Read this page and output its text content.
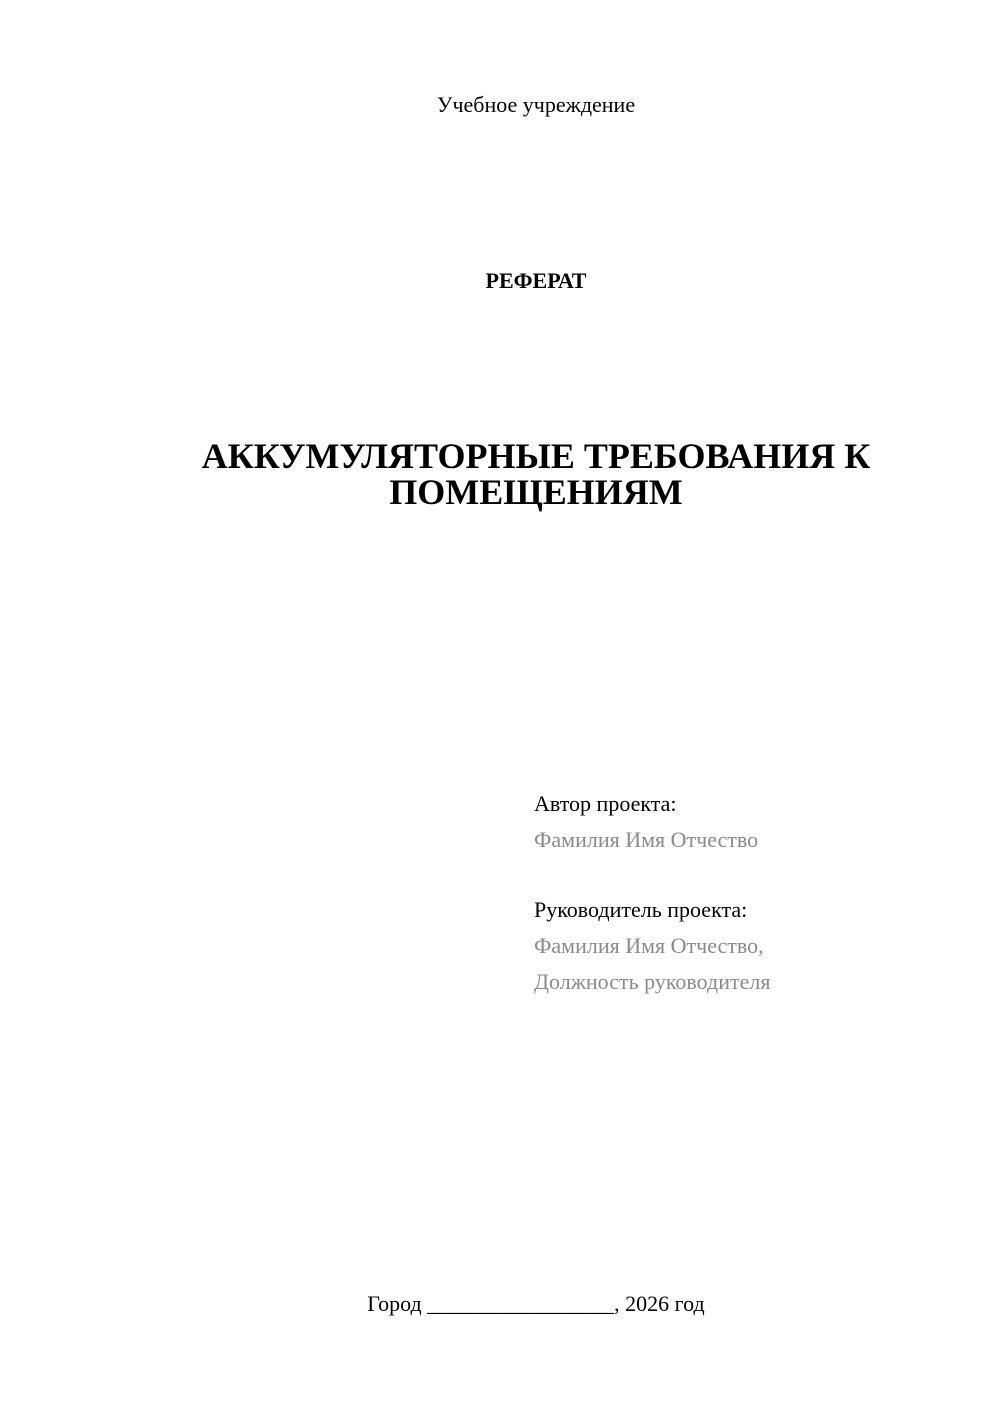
Учебное учреждение
РЕФЕРАТ
АККУМУЛЯТОРНЫЕ ТРЕБОВАНИЯ К ПОМЕЩЕНИЯМ
Автор проекта:
Фамилия Имя Отчество
Руководитель проекта:
Фамилия Имя Отчество,
Должность руководителя
Город _________________, 2026 год
